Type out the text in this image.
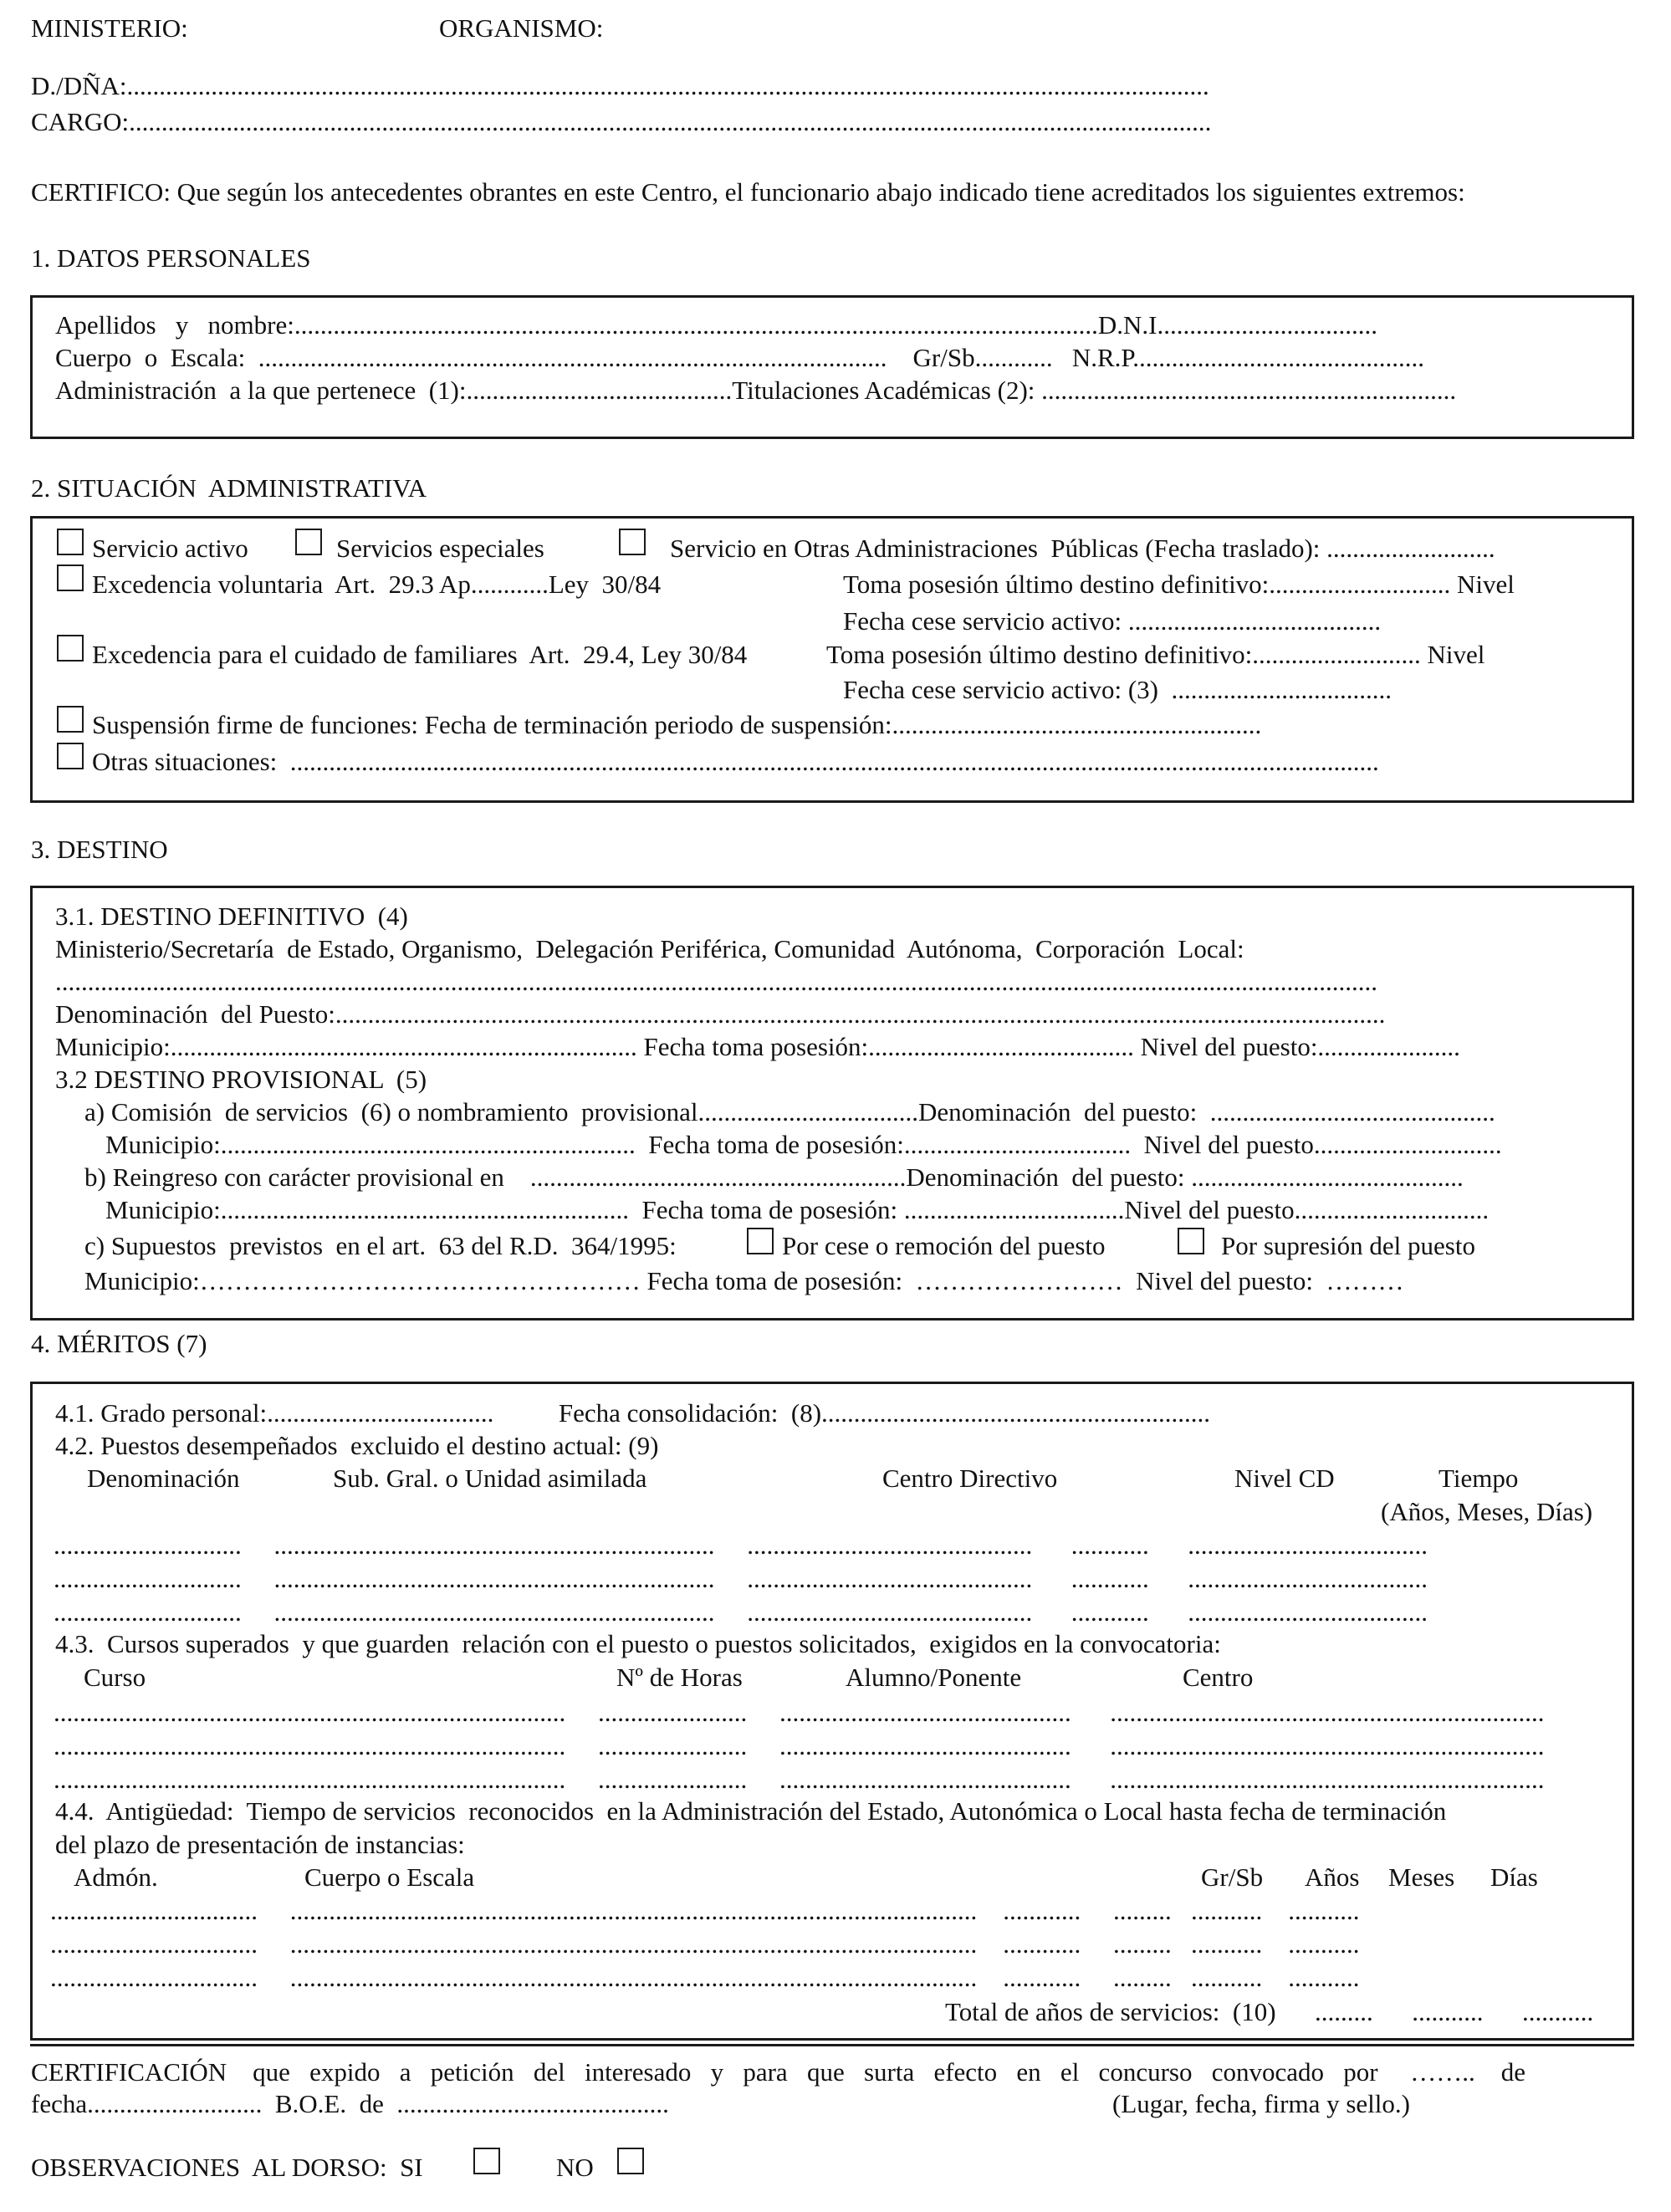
MINISTERIO:	ORGANISMO:
D./DÑA:.......................................................................................................................................................................
CARGO:.......................................................................................................................................................................
CERTIFICO: Que según los antecedentes obrantes en este Centro, el funcionario abajo indicado tiene acreditados los siguientes extremos:
1. DATOS PERSONALES
Apellidos   y   nombre:............................................................................................................................D.N.I..................................
Cuerpo  o  Escala:  .................................................................................................    Gr/Sb............   N.R.P.............................................
Administración  a la que pertenece  (1):.........................................Titulaciones Académicas (2): ................................................................
2. SITUACIÓN  ADMINISTRATIVA
Servicio activo	Servicios especiales	Servicio en Otras Administraciones  Públicas (Fecha traslado): ..........................
Excedencia voluntaria  Art.  29.3 Ap............Ley  30/84	Toma posesión último destino definitivo:............................ Nivel
Fecha cese servicio activo: .......................................
Excedencia para el cuidado de familiares  Art.  29.4, Ley 30/84	Toma posesión último destino definitivo:.......................... Nivel
Fecha cese servicio activo: (3)  ..................................
Suspensión firme de funciones: Fecha de terminación periodo de suspensión:.........................................................
Otras situaciones:  ........................................................................................................................................................................
3. DESTINO
3.1. DESTINO DEFINITIVO  (4)
Ministerio/Secretaría  de Estado, Organismo,  Delegación Periférica, Comunidad  Autónoma,  Corporación  Local:
............................................................................................................................................................................................................
Denominación  del Puesto:..................................................................................................................................................................
Municipio:........................................................................ Fecha toma posesión:......................................... Nivel del puesto:......................
3.2 DESTINO PROVISIONAL  (5)
a) Comisión  de servicios  (6) o nombramiento  provisional..................................Denominación  del puesto:  ............................................
Municipio:................................................................  Fecha toma de posesión:...................................  Nivel del puesto.............................
b) Reingreso con carácter provisional en    ..........................................................Denominación  del puesto: ..........................................
Municipio:...............................................................  Fecha toma de posesión: ..................................Nivel del puesto..............................
c) Supuestos  previstos  en el art.  63 del R.D.  364/1995:	Por cese o remoción del puesto	Por supresión del puesto
Municipio:…………………………………………… Fecha toma de posesión:  ……………………  Nivel del puesto:  ………
4. MÉRITOS (7)
4.1. Grado personal:...................................          Fecha consolidación:  (8)............................................................
4.2. Puestos desempeñados  excluido el destino actual: (9)
Denominación	Sub. Gral. o Unidad asimilada	Centro Directivo	Nivel CD	Tiempo
(Años, Meses, Días)
.............................     ....................................................................     ............................................      ............      .....................................
.............................     ....................................................................     ............................................      ............      .....................................
.............................     ....................................................................     ............................................      ............      .....................................
4.3.  Cursos superados  y que guarden  relación con el puesto o puestos solicitados,  exigidos en la convocatoria:
Curso	Nº de Horas	Alumno/Ponente	Centro
...............................................................................     .......................     .............................................      ...................................................................
...............................................................................     .......................     .............................................      ...................................................................
...............................................................................     .......................     .............................................      ...................................................................
4.4.  Antigüedad:  Tiempo de servicios  reconocidos  en la Administración del Estado, Autonómica o Local hasta fecha de terminación
del plazo de presentación de instancias:
Admón.	Cuerpo o Escala	Gr/Sb Años Meses Días
................................     ..........................................................................................................    ............     .........   ...........    ...........
................................     ..........................................................................................................    ............     .........   ...........    ...........
................................     ..........................................................................................................    ............     .........   ...........    ...........
Total de años de servicios:  (10)      .........      ...........      ...........
CERTIFICACIÓN    que   expido   a   petición   del   interesado   y   para   que   surta   efecto   en   el   concurso   convocado   por     ……..    de
fecha...........................  B.O.E.  de  ..........................................	(Lugar, fecha, firma y sello.)
OBSERVACIONES  AL DORSO:  SI	NO
